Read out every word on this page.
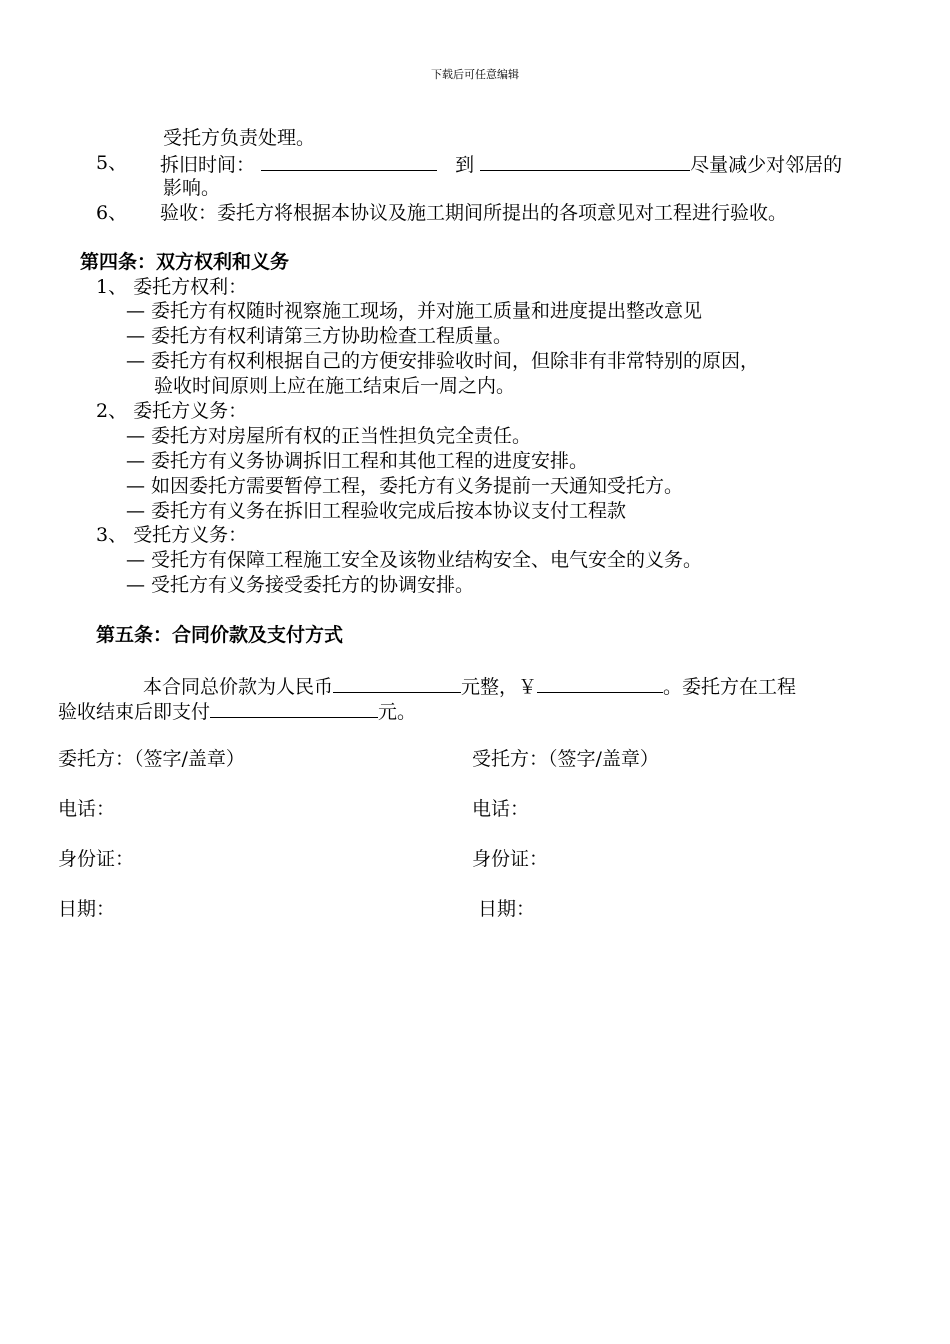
下载后可任意编辑
受托方负责处理。
5、 拆旧时间：	到	尽量减少对邻居的
影响。
6、 验收：委托方将根据本协议及施工期间所提出的各项意见对工程进行验收。
第四条：双方权利和义务
1、 委托方权利：
— 委托方有权随时视察施工现场，并对施工质量和进度提出整改意见
— 委托方有权利请第三方协助检查工程质量。
— 委托方有权利根据自己的方便安排验收时间，但除非有非常特别的原因，
验收时间原则上应在施工结束后一周之内。
2、 委托方义务：
— 委托方对房屋所有权的正当性担负完全责任。
— 委托方有义务协调拆旧工程和其他工程的进度安排。
— 如因委托方需要暂停工程，委托方有义务提前一天通知受托方。
— 委托方有义务在拆旧工程验收完成后按本协议支付工程款
3、 受托方义务：
— 受托方有保障工程施工安全及该物业结构安全、电气安全的义务。
— 受托方有义务接受委托方的协调安排。
第五条：合同价款及支付方式
本合同总价款为人民币	元整，￥	。委托方在工程
验收结束后即支付	元。
委托方：（签字/盖章）	受托方：（签字/盖章）
电话：	电话：
身份证：	身份证：
日期：	日期：
